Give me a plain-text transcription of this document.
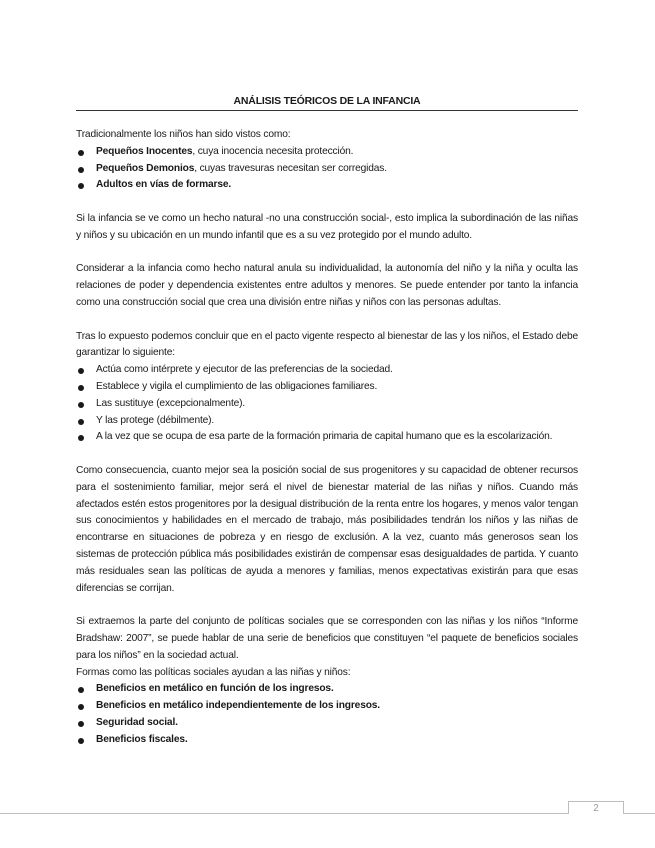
ANÁLISIS TEÓRICOS DE LA INFANCIA

Tradicionalmente los niños han sido vistos como:

Pequeños Inocentes, cuya inocencia necesita protección.
Pequeños Demonios, cuyas travesuras necesitan ser corregidas.
Adultos en vías de formarse.

Si la infancia se ve como un hecho natural -no una construcción social-, esto implica la subordinación de las niñas y niños y su ubicación en un mundo infantil que es a su vez protegido por el mundo adulto.

Considerar a la infancia como hecho natural anula su individualidad, la autonomía del niño y la niña y oculta las relaciones de poder y dependencia existentes entre adultos y menores. Se puede entender por tanto la infancia como una construcción social que crea una división entre niñas y niños con las personas adultas.

Tras lo expuesto podemos concluir que en el pacto vigente respecto al bienestar de las y los niños, el Estado debe garantizar lo siguiente:

Actúa como intérprete y ejecutor de las preferencias de la sociedad.
Establece y vigila el cumplimiento de las obligaciones familiares.
Las sustituye (excepcionalmente).
Y las protege (débilmente).
A la vez que se ocupa de esa parte de la formación primaria de capital humano que es la escolarización.

Como consecuencia, cuanto mejor sea la posición social de sus progenitores y su capacidad de obtener recursos para el sostenimiento familiar, mejor será el nivel de bienestar material de las niñas y niños. Cuando más afectados estén estos progenitores por la desigual distribución de la renta entre los hogares, y menos valor tengan sus conocimientos y habilidades en el mercado de trabajo, más posibilidades tendrán los niños y las niñas de encontrarse en situaciones de pobreza y en riesgo de exclusión. A la vez, cuanto más generosos sean los sistemas de protección pública más posibilidades existirán de compensar esas desigualdades de partida. Y cuanto más residuales sean las políticas de ayuda a menores y familias, menos expectativas existirán para que esas diferencias se corrijan.

Si extraemos la parte del conjunto de políticas sociales que se corresponden con las niñas y los niños “Informe Bradshaw: 2007”, se puede hablar de una serie de beneficios que constituyen “el paquete de beneficios sociales para los niños” en la sociedad actual.

Formas como las políticas sociales ayudan a las niñas y niños:

Beneficios en metálico en función de los ingresos.
Beneficios en metálico independientemente de los ingresos.
Seguridad social.
Beneficios fiscales.
2
